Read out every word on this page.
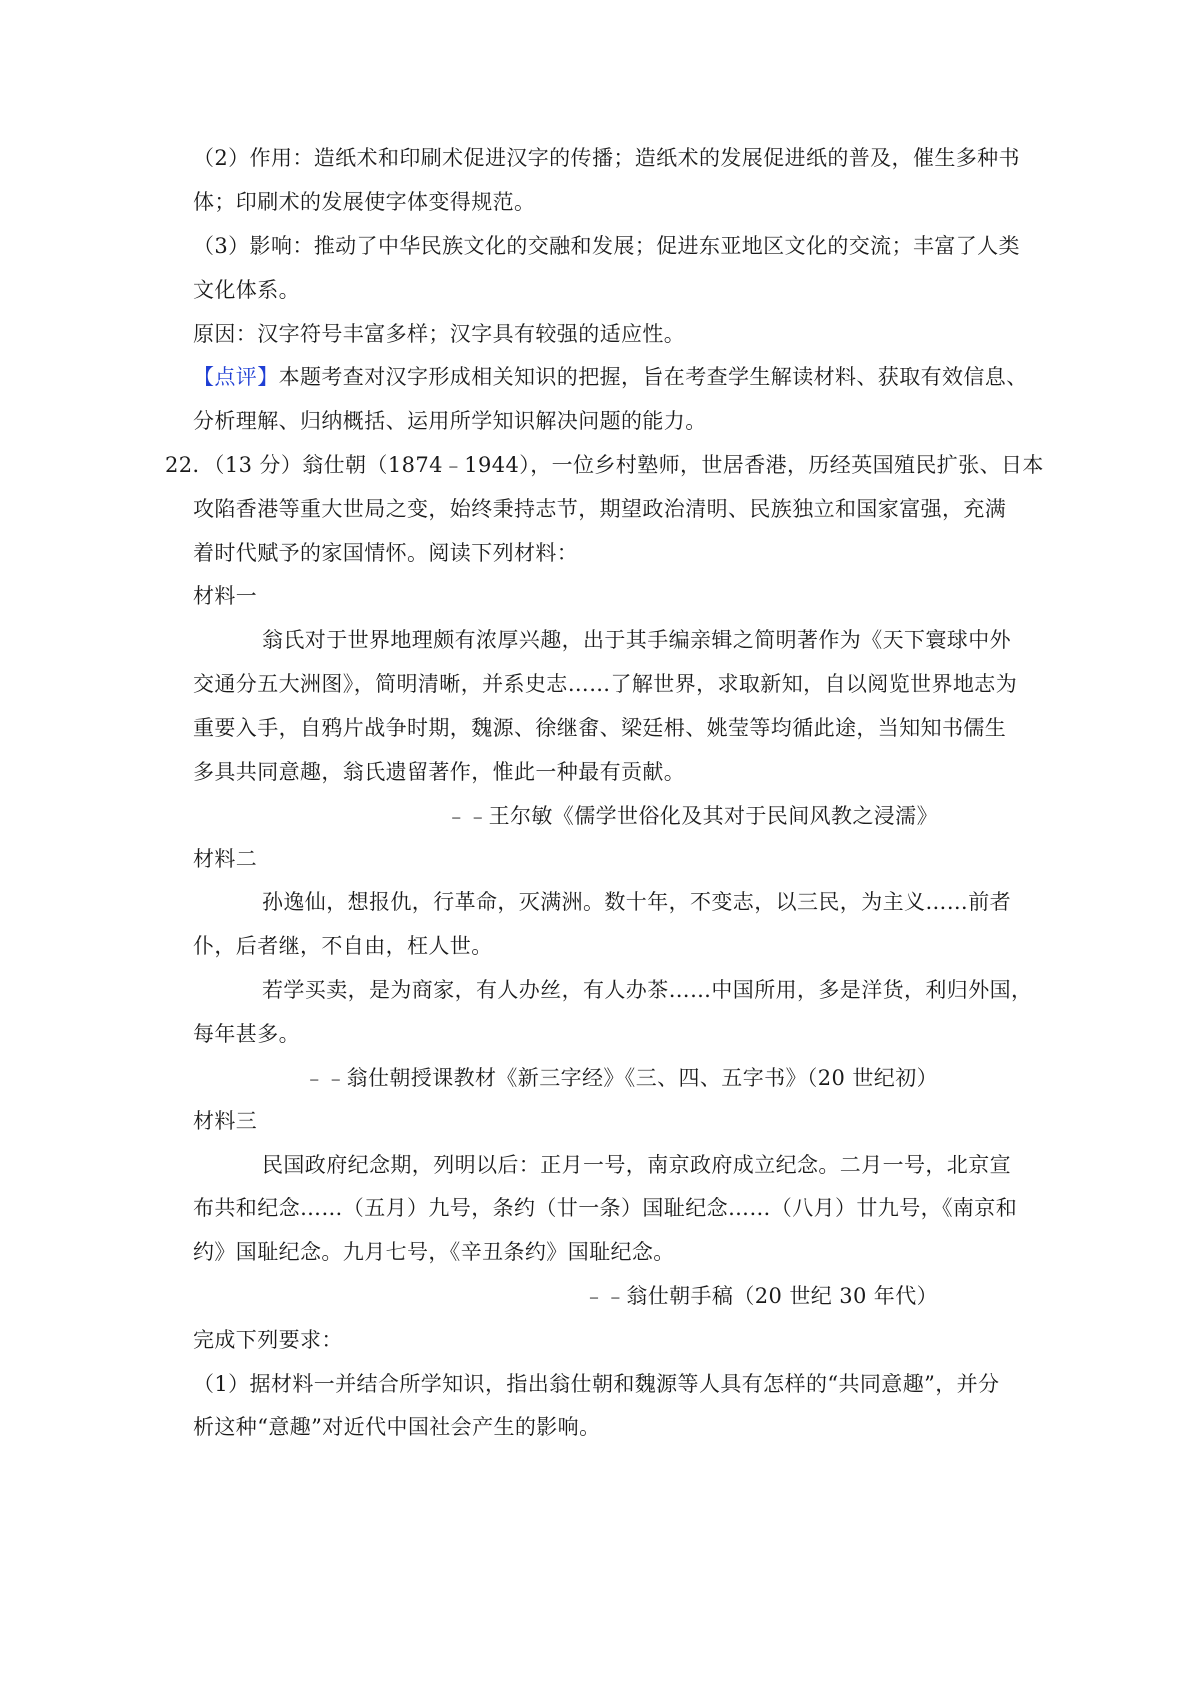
（2）作用：造纸术和印刷术促进汉字的传播；造纸术的发展促进纸的普及，催生多种书
体；印刷术的发展使字体变得规范。
（3）影响：推动了中华民族文化的交融和发展；促进东亚地区文化的交流；丰富了人类
文化体系。
原因：汉字符号丰富多样；汉字具有较强的适应性。
【点评】本题考查对汉字形成相关知识的把握，旨在考查学生解读材料、获取有效信息、
分析理解、归纳概括、运用所学知识解决问题的能力。
22．（13 分）翁仕朝（1874﹣1944），一位乡村塾师，世居香港，历经英国殖民扩张、日本
攻陷香港等重大世局之变，始终秉持志节，期望政治清明、民族独立和国家富强，充满
着时代赋予的家国情怀。阅读下列材料：
材料一
翁氏对于世界地理颇有浓厚兴趣，出于其手编亲辑之简明著作为《天下寰球中外
交通分五大洲图》，简明清晰，并系史志……了解世界，求取新知，自以阅览世界地志为
重要入手，自鸦片战争时期，魏源、徐继畬、梁廷枏、姚莹等均循此途，当知知书儒生
多具共同意趣，翁氏遗留著作，惟此一种最有贡献。
﹣﹣王尔敏《儒学世俗化及其对于民间风教之浸濡》
材料二
孙逸仙，想报仇，行革命，灭满洲。数十年，不变志，以三民，为主义……前者
仆，后者继，不自由，枉人世。
若学买卖，是为商家，有人办丝，有人办茶……中国所用，多是洋货，利归外国，
每年甚多。
﹣﹣翁仕朝授课教材《新三字经》《三、四、五字书》（20 世纪初）
材料三
民国政府纪念期，列明以后：正月一号，南京政府成立纪念。二月一号，北京宣
布共和纪念……（五月）九号，条约（廿一条）国耻纪念……（八月）廿九号，《南京和
约》国耻纪念。九月七号，《辛丑条约》国耻纪念。
﹣﹣翁仕朝手稿（20 世纪 30 年代）
完成下列要求：
（1）据材料一并结合所学知识，指出翁仕朝和魏源等人具有怎样的“共同意趣”，并分
析这种“意趣”对近代中国社会产生的影响。
